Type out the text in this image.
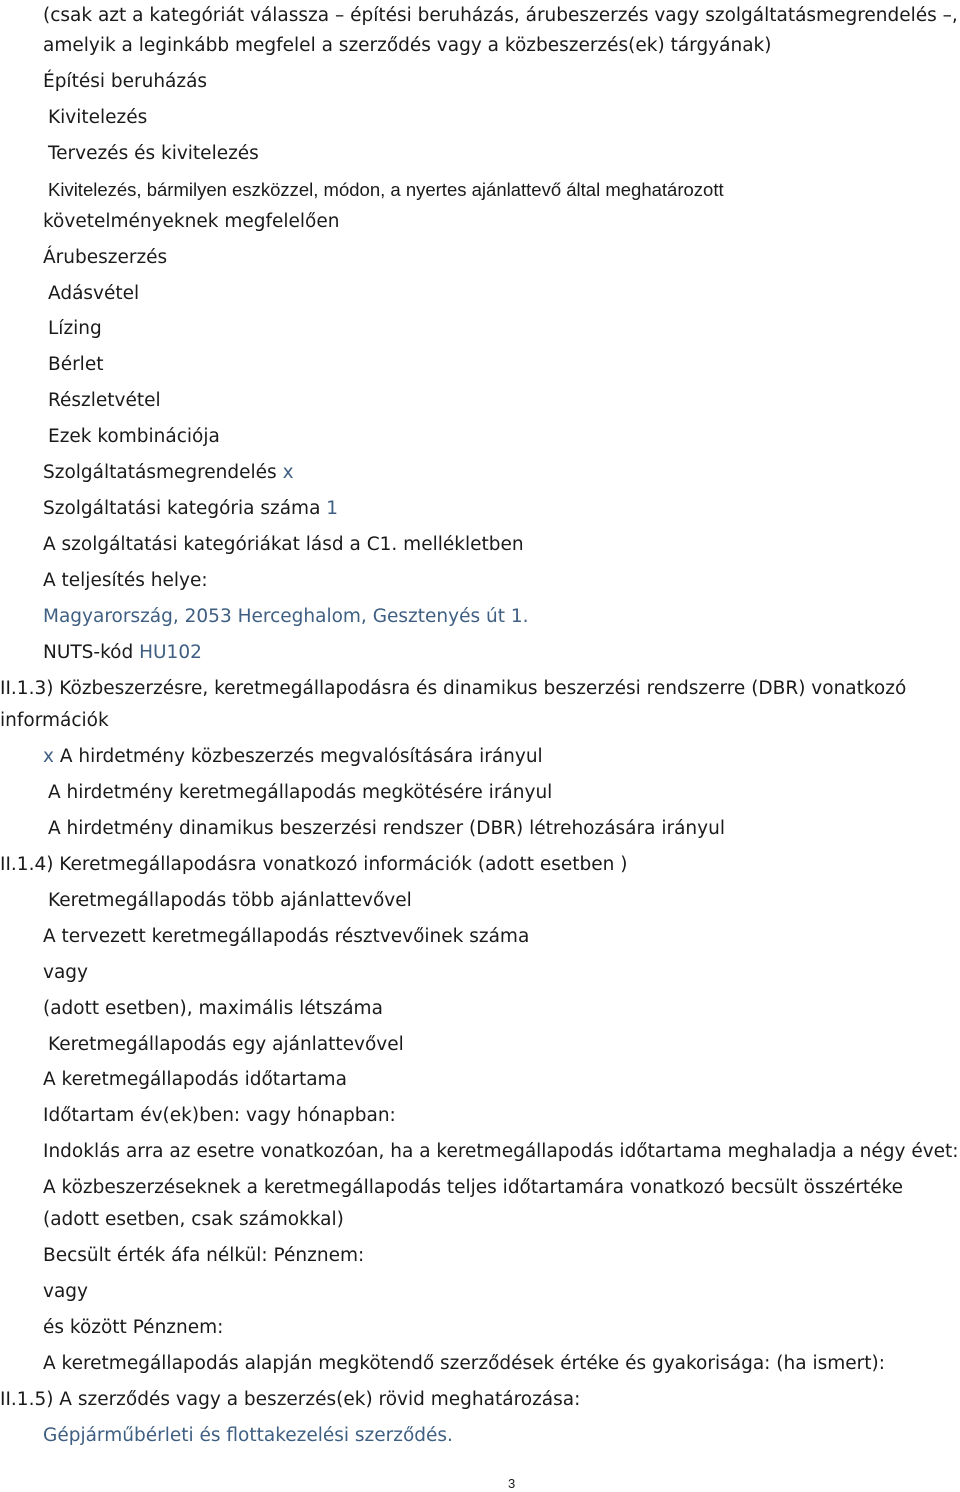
(csak azt a kategóriát válassza – építési beruházás, árubeszerzés vagy szolgáltatásmegrendelés –,
amelyik a leginkább megfelel a szerződés vagy a közbeszerzés(ek) tárgyának)
Építési beruházás
Kivitelezés
Tervezés és kivitelezés
Kivitelezés, bármilyen eszközzel, módon, a nyertes ajánlattevő által meghatározott
követelményeknek megfelelően
Árubeszerzés
Adásvétel
Lízing
Bérlet
Részletvétel
Ezek kombinációja
Szolgáltatásmegrendelés x
Szolgáltatási kategória száma 1
A szolgáltatási kategóriákat lásd a C1. mellékletben
A teljesítés helye:
Magyarország, 2053 Herceghalom, Gesztenyés út 1.
NUTS-kód HU102
II.1.3) Közbeszerzésre, keretmegállapodásra és dinamikus beszerzési rendszerre (DBR) vonatkozó
információk
x A hirdetmény közbeszerzés megvalósítására irányul
A hirdetmény keretmegállapodás megkötésére irányul
A hirdetmény dinamikus beszerzési rendszer (DBR) létrehozására irányul
II.1.4) Keretmegállapodásra vonatkozó információk (adott esetben )
Keretmegállapodás több ajánlattevővel
A tervezett keretmegállapodás résztvevőinek száma
vagy
(adott esetben), maximális létszáma
Keretmegállapodás egy ajánlattevővel
A keretmegállapodás időtartama
Időtartam év(ek)ben: vagy hónapban:
Indoklás arra az esetre vonatkozóan, ha a keretmegállapodás időtartama meghaladja a négy évet:
A közbeszerzéseknek a keretmegállapodás teljes időtartamára vonatkozó becsült összértéke
(adott esetben, csak számokkal)
Becsült érték áfa nélkül: Pénznem:
vagy
és között Pénznem:
A keretmegállapodás alapján megkötendő szerződések értéke és gyakorisága: (ha ismert):
II.1.5) A szerződés vagy a beszerzés(ek) rövid meghatározása:
Gépjárműbérleti és flottakezelési szerződés.
3
